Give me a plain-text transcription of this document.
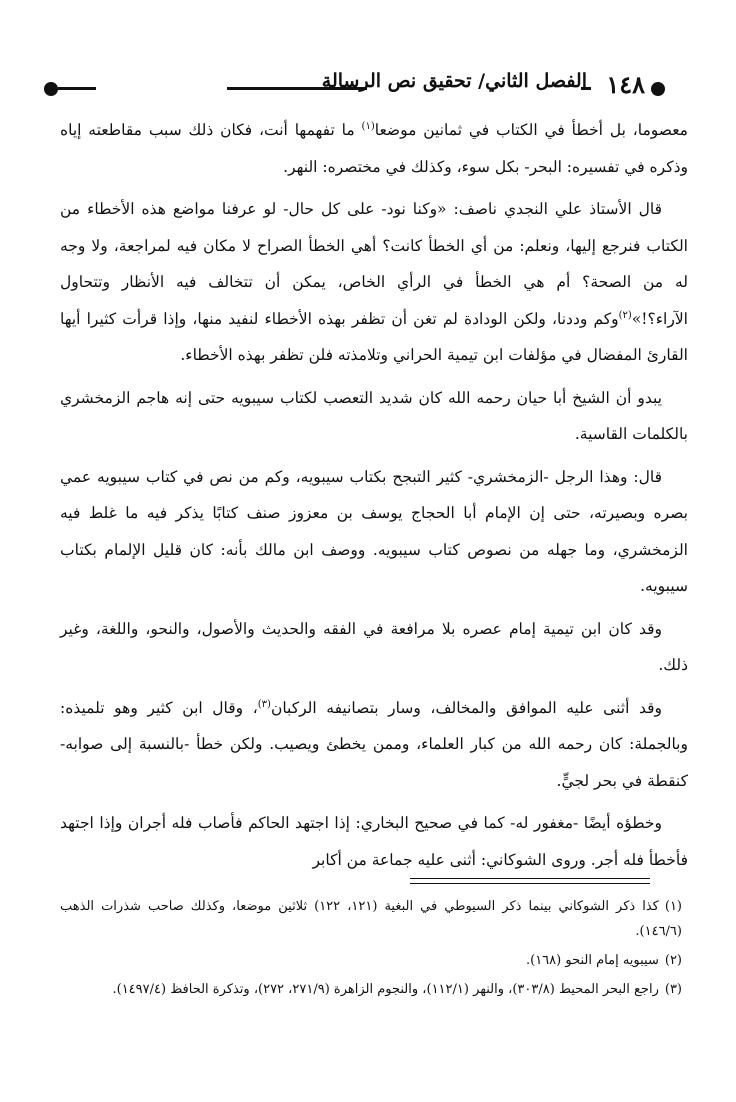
١٤٨
الفصل الثاني/ تحقيق نص الرسالة

معصوما، بل أخطأ في الكتاب في ثمانين موضعا$^{(١)}$ ما تفهمها أنت، فكان ذلك سبب مقاطعته إياه وذكره في تفسيره: البحر- بكل سوء، وكذلك في مختصره: النهر.

قال الأستاذ علي النجدي ناصف: «وكنا نود- على كل حال- لو عرفنا مواضع هذه الأخطاء من الكتاب فنرجع إليها، ونعلم: من أي الخطأ كانت؟ أهي الخطأ الصراح لا مكان فيه لمراجعة، ولا وجه له من الصحة؟ أم هي الخطأ في الرأي الخاص، يمكن أن تتخالف فيه الأنظار وتتحاول الآراء؟!»$^{(٢)}$وكم وددنا، ولكن الودادة لم تغن أن تظفر بهذه الأخطاء لنفيد منها، وإذا قرأت كثيرا أيها القارئ المفضال في مؤلفات ابن تيمية الحراني وتلامذته فلن تظفر بهذه الأخطاء.

يبدو أن الشيخ أبا حيان رحمه الله كان شديد التعصب لكتاب سيبويه حتى إنه هاجم الزمخشري بالكلمات القاسية.

قال: وهذا الرجل -الزمخشري- كثير التبجح بكتاب سيبويه، وكم من نص في كتاب سيبويه عمي بصره وبصيرته، حتى إن الإمام أبا الحجاج يوسف بن معزوز صنف كتابًا يذكر فيه ما غلط فيه الزمخشري، وما جهله من نصوص كتاب سيبويه. ووصف ابن مالك بأنه: كان قليل الإلمام بكتاب سيبويه.

وقد كان ابن تيمية إمام عصره بلا مرافعة في الفقه والحديث والأصول، والنحو، واللغة، وغير ذلك.

وقد أثنى عليه الموافق والمخالف، وسار بتصانيفه الركبان$^{(٣)}$، وقال ابن كثير وهو تلميذه: وبالجملة: كان رحمه الله من كبار العلماء، وممن يخطئ ويصيب. ولكن خطأ -بالنسبة إلى صوابه- كنقطة في بحر لجيٍّ.

وخطؤه أيضًا -مغفور له- كما في صحيح البخاري: إذا اجتهد الحاكم فأصاب فله أجران وإذا اجتهد فأخطأ فله أجر. وروى الشوكاني: أثنى عليه جماعة من أكابر

(١)كذا ذكر الشوكاني بينما ذكر السيوطي في البغية (١٢١، ١٢٢) ثلاثين موضعا، وكذلك صاحب شذرات الذهب (١٤٦/٦).

(٢)سيبويه إمام النحو (١٦٨).

(٣)راجع البحر المحيط (٣٠٣/٨)، والنهر (١١٢/١)، والنجوم الزاهرة (٢٧١/٩، ٢٧٢)، وتذكرة الحافظ (١٤٩٧/٤).
